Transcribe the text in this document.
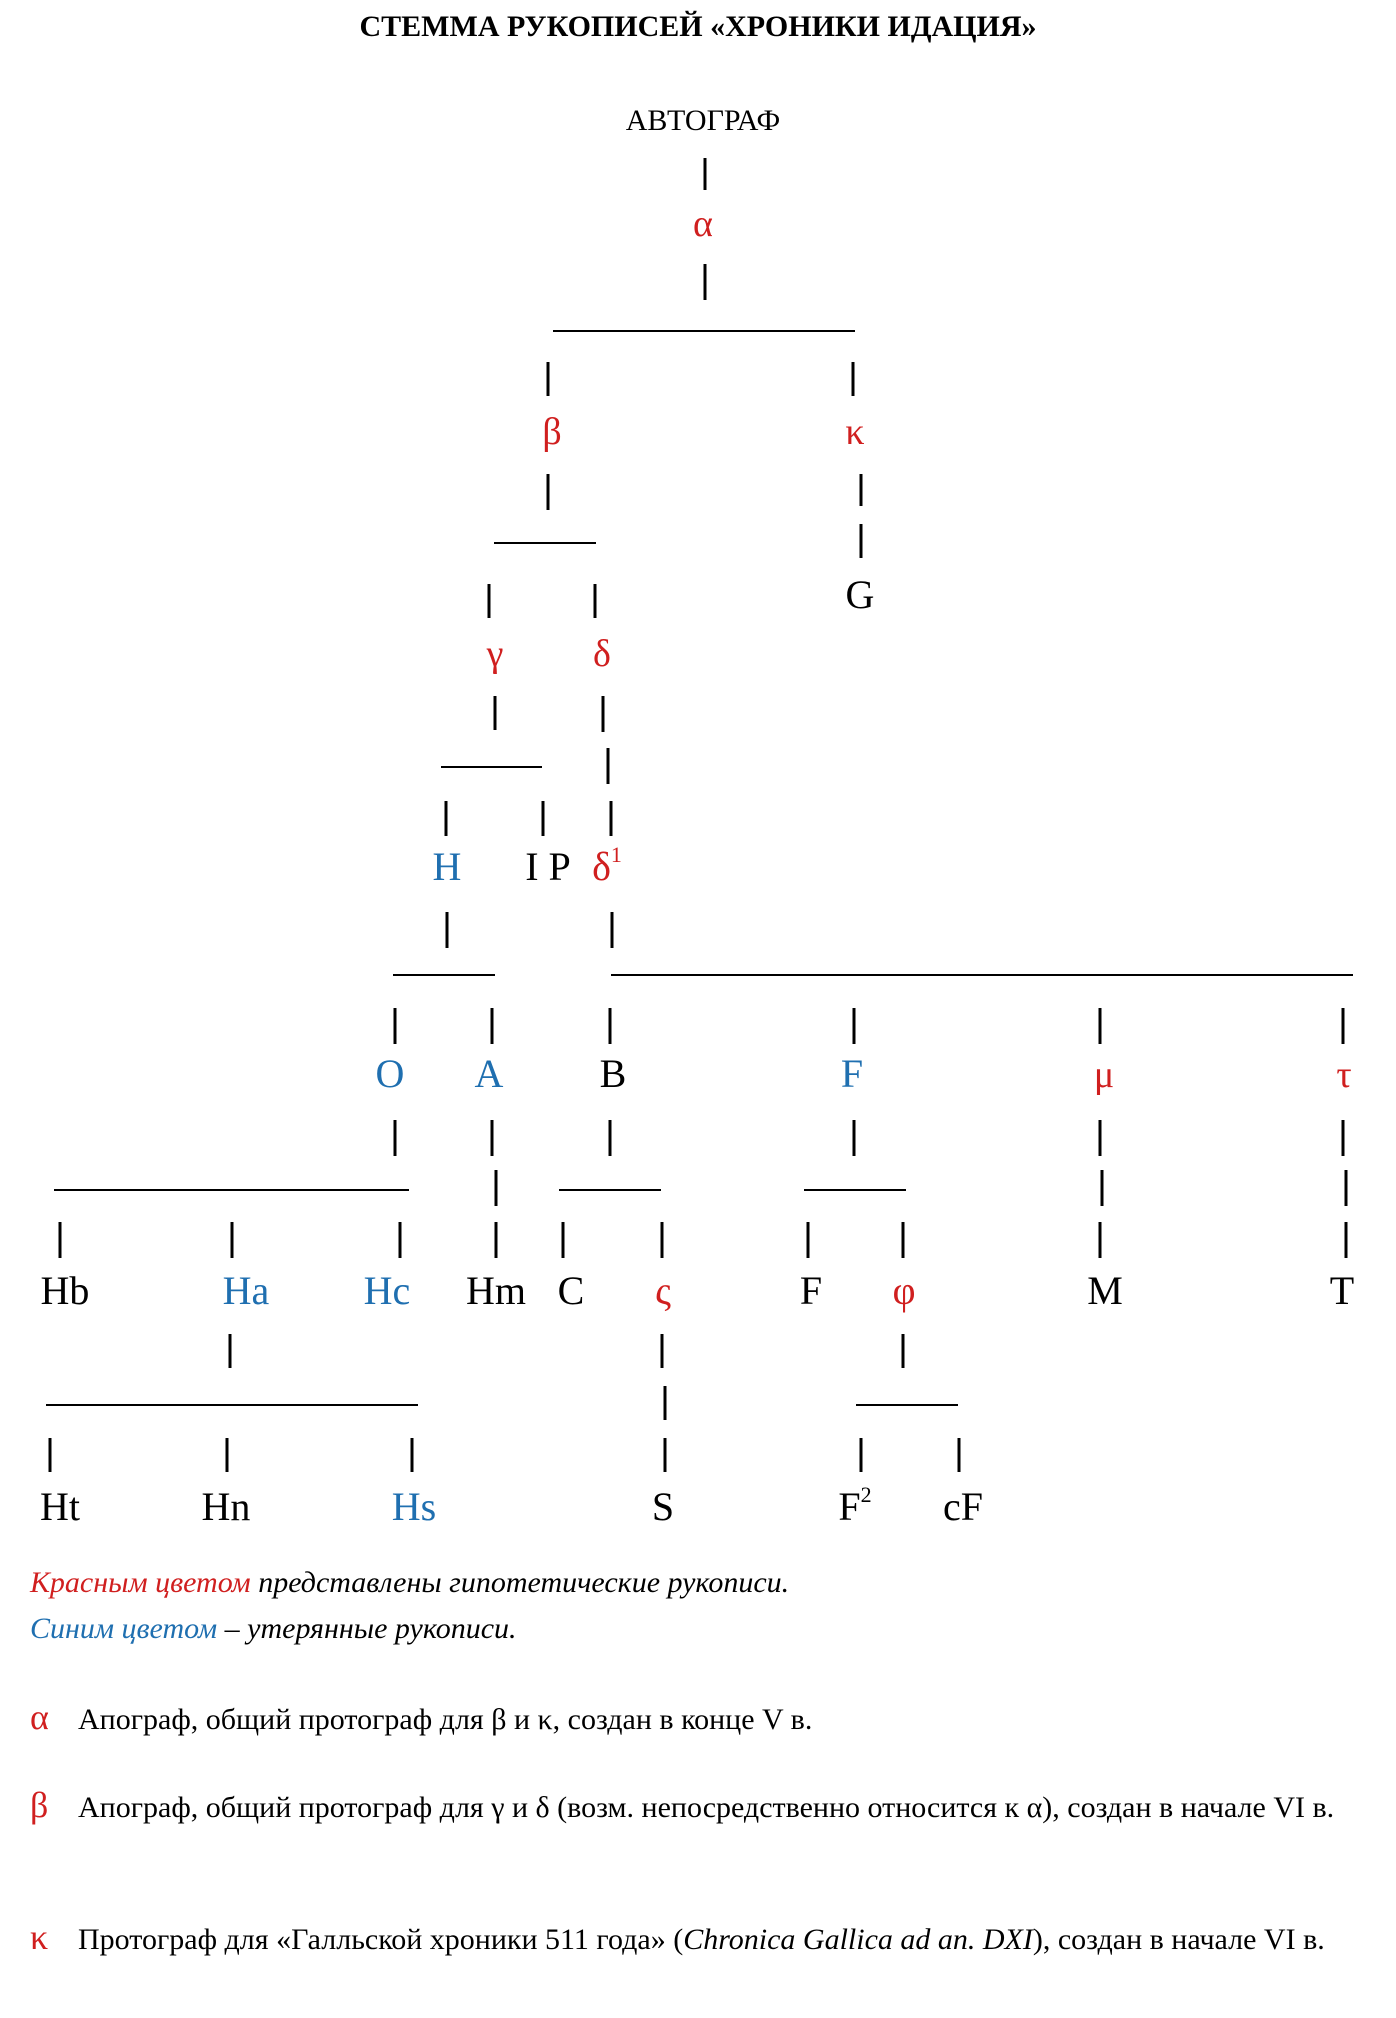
СТЕММА РУКОПИСЕЙ «ХРОНИКИ ИДАЦИЯ»
АВТОГРАФ
α
β	κ
G
γ δ
H I P $\delta^1$
O A B	F	μ	τ
Hb	Ha Hc Hm C ς	F φ	M	T
Ht	Hn	Hs	S	$F^2$ cF
Красным цветом представлены гипотетические рукописи.
Синим цветом – утерянные рукописи.
α Апограф, общий протограф для β и κ, создан в конце V в.
β Апограф, общий протограф для γ и δ (возм. непосредственно относится к α), создан в начале VI в.
κ Протограф для «Галльской хроники 511 года» (Chronica Gallica ad an. DXI), создан в начале VI в.
